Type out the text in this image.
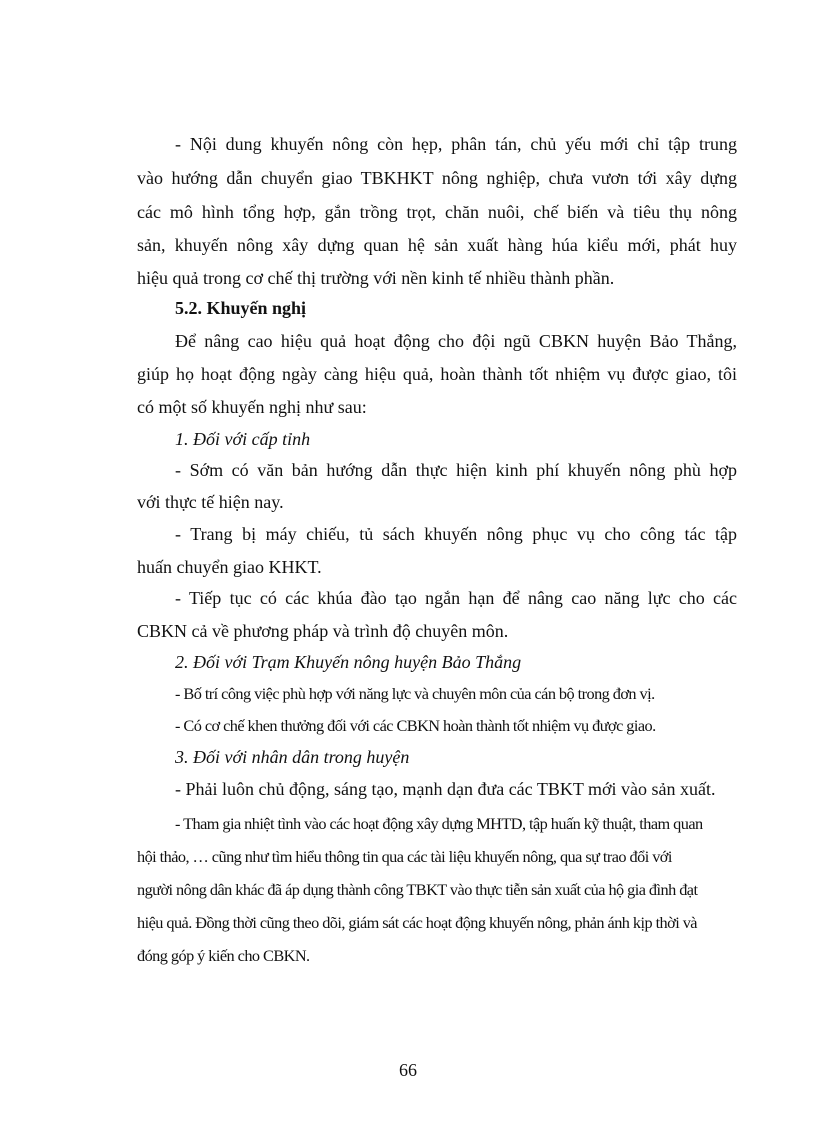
- Nội dung khuyến nông còn hẹp, phân tán, chủ yếu mới chỉ tập trung
vào hướng dẫn chuyển giao TBKHKT nông nghiệp, chưa vươn tới xây dựng
các mô hình tổng hợp, gắn trồng trọt, chăn nuôi, chế biến và tiêu thụ nông
sản, khuyến nông xây dựng quan hệ sản xuất hàng húa kiểu mới, phát huy
hiệu quả trong cơ chế thị trường với nền kinh tế nhiều thành phần.
5.2. Khuyến nghị
Để nâng cao hiệu quả hoạt động cho đội ngũ CBKN huyện Bảo Thắng,
giúp họ hoạt động ngày càng hiệu quả, hoàn thành tốt nhiệm vụ được giao, tôi
có một số khuyến nghị như sau:
1. Đối với cấp tỉnh
- Sớm có văn bản hướng dẫn thực hiện kinh phí khuyến nông phù hợp
với thực tế hiện nay.
- Trang bị máy chiếu, tủ sách khuyến nông phục vụ cho công tác tập
huấn chuyển giao KHKT.
- Tiếp tục có các khúa đào tạo ngắn hạn để nâng cao năng lực cho các
CBKN cả về phương pháp và trình độ chuyên môn.
2. Đối với Trạm Khuyến nông huyện Bảo Thắng
- Bố trí công việc phù hợp với năng lực và chuyên môn của cán bộ trong đơn vị.
- Có cơ chế khen thưởng đối với các CBKN hoàn thành tốt nhiệm vụ được giao.
3. Đối với nhân dân trong huyện
- Phải luôn chủ động, sáng tạo, mạnh dạn đưa các TBKT mới vào sản xuất.
- Tham gia nhiệt tình vào các hoạt động xây dựng MHTD, tập huấn kỹ thuật, tham quan
hội thảo, … cũng như tìm hiểu thông tin qua các tài liệu khuyến nông, qua sự trao đổi với
người nông dân khác đã áp dụng thành công TBKT vào thực tiễn sản xuất của hộ gia đình đạt
hiệu quả. Đồng thời cũng theo dõi, giám sát các hoạt động khuyến nông, phản ánh kịp thời và
đóng góp ý kiến cho CBKN.
66
